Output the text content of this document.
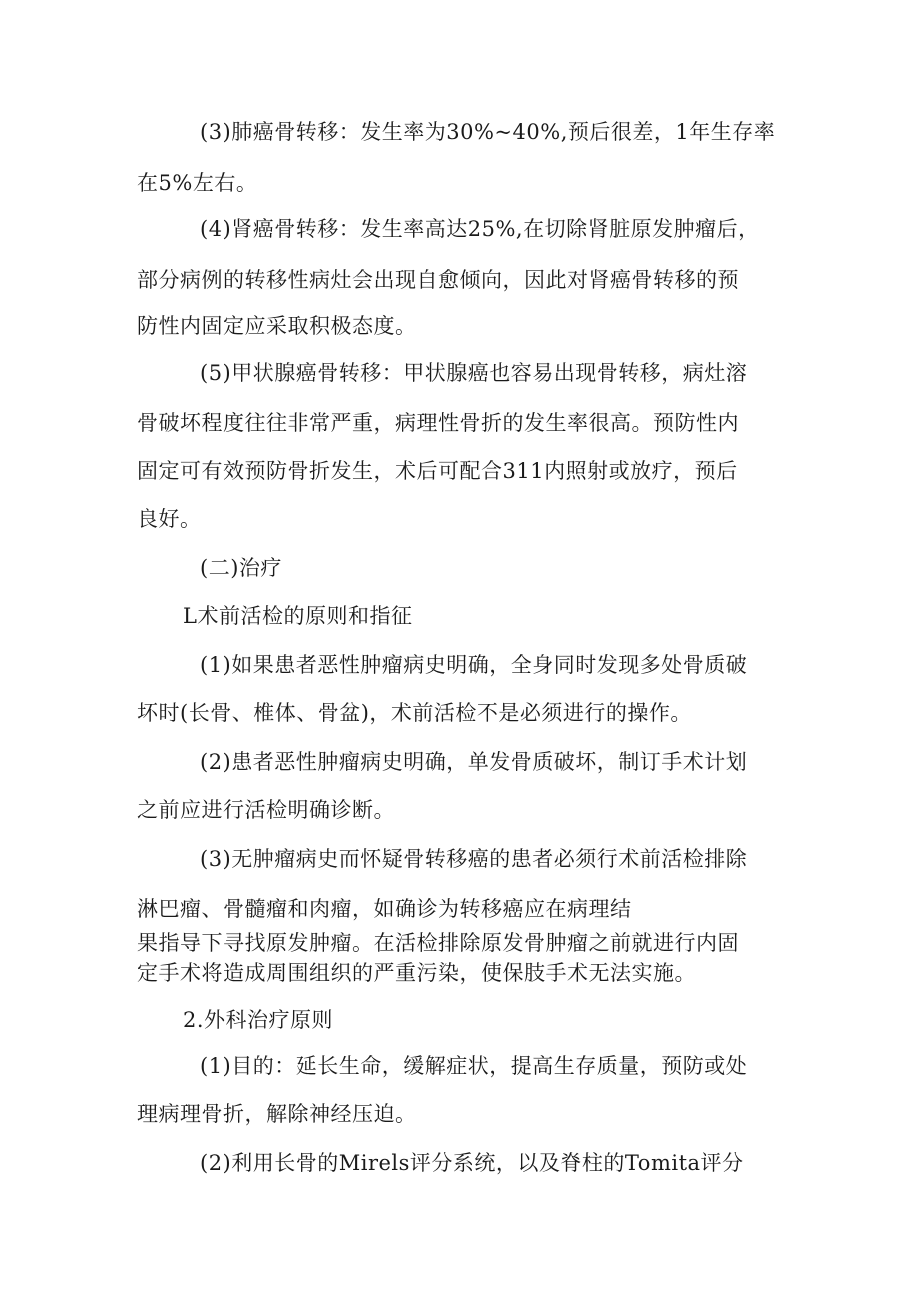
(3)肺癌骨转移：发生率为30%~40%,预后很差，1年生存率
在5%左右。
(4)肾癌骨转移：发生率高达25%,在切除肾脏原发肿瘤后，
部分病例的转移性病灶会出现自愈倾向，因此对肾癌骨转移的预
防性内固定应采取积极态度。
(5)甲状腺癌骨转移：甲状腺癌也容易出现骨转移，病灶溶
骨破坏程度往往非常严重，病理性骨折的发生率很高。预防性内
固定可有效预防骨折发生，术后可配合311内照射或放疗，预后
良好。
(二)治疗
L术前活检的原则和指征
(1)如果患者恶性肿瘤病史明确，全身同时发现多处骨质破
坏时(长骨、椎体、骨盆)，术前活检不是必须进行的操作。
(2)患者恶性肿瘤病史明确，单发骨质破坏，制订手术计划
之前应进行活检明确诊断。
(3)无肿瘤病史而怀疑骨转移癌的患者必须行术前活检排除
淋巴瘤、骨髓瘤和肉瘤，如确诊为转移癌应在病理结
果指导下寻找原发肿瘤。在活检排除原发骨肿瘤之前就进行内固
定手术将造成周围组织的严重污染，使保肢手术无法实施。
2.外科治疗原则
(1)目的：延长生命，缓解症状，提高生存质量，预防或处
理病理骨折，解除神经压迫。
(2)利用长骨的Mirels评分系统，以及脊柱的Tomita评分
